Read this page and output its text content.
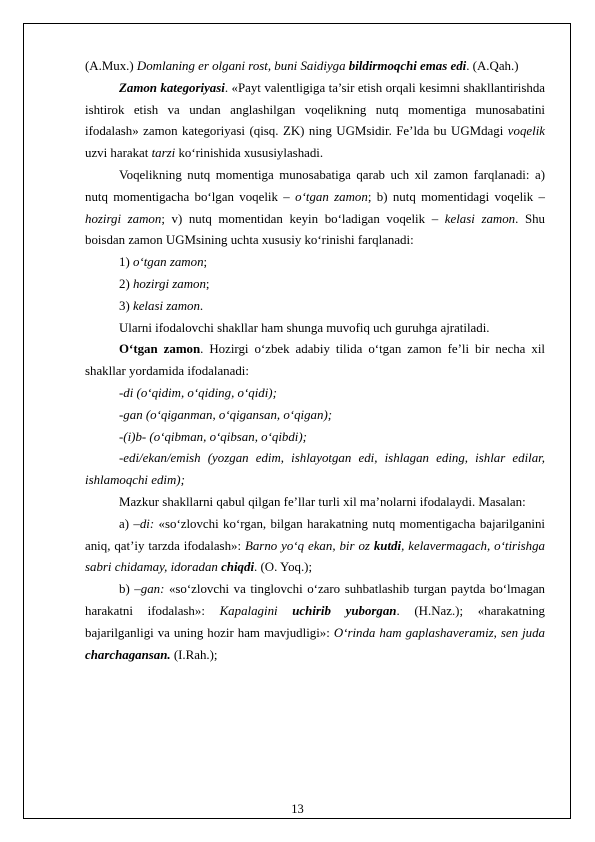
(A.Mux.) Domlaning er olgani rost, buni Saidiyga bildirmoqchi emas edi. (A.Qah.)

Zamon kategoriyasi. «Payt valentligiga ta’sir etish orqali kesimni shakllantirishda ishtirok etish va undan anglashilgan voqelikning nutq momentiga munosabatini ifodalash» zamon kategoriyasi (qisq. ZK) ning UGMsidir. Fe’lda bu UGMdagi voqelik uzvi harakat tarzi ko‘rinishida xususiylashadi.

Voqelikning nutq momentiga munosabatiga qarab uch xil zamon farqlanadi: a) nutq momentigacha bo‘lgan voqelik – o‘tgan zamon; b) nutq momentidagi voqelik – hozirgi zamon; v) nutq momentidan keyin bo‘ladigan voqelik – kelasi zamon. Shu boisdan zamon UGMsining uchta xususiy ko‘rinishi farqlanadi:

1) o‘tgan zamon;

2) hozirgi zamon;

3) kelasi zamon.

Ularni ifodalovchi shakllar ham shunga muvofiq uch guruhga ajratiladi.

O‘tgan zamon. Hozirgi o‘zbek adabiy tilida o‘tgan zamon fe’li bir necha xil shakllar yordamida ifodalanadi:

-di (o‘qidim, o‘qiding, o‘qidi);

-gan (o‘qiganman, o‘qigansan, o‘qigan);

-(i)b- (o‘qibman, o‘qibsan, o‘qibdi);

-edi/ekan/emish (yozgan edim, ishlayotgan edi, ishlagan eding, ishlar edilar, ishlamoqchi edim);

Mazkur shakllarni qabul qilgan fe’llar turli xil ma’nolarni ifodalaydi. Masalan:

a) –di: «so‘zlovchi ko‘rgan, bilgan harakatning nutq momentigacha bajarilganini aniq, qat’iy tarzda ifodalash»: Barno yo‘q ekan, bir oz kutdi, kelavermagach, o‘tirishga sabri chidamay, idoradan chiqdi. (O. Yoq.);

b) –gan: «so‘zlovchi va tinglovchi o‘zaro suhbatlashib turgan paytda bo‘lmagan harakatni ifodalash»: Kapalagini uchirib yuborgan. (H.Naz.); «harakatning bajarilganligi va uning hozir ham mavjudligi»: O‘rinda ham gaplashaveramiz, sen juda charchagansan. (I.Rah.);

13
